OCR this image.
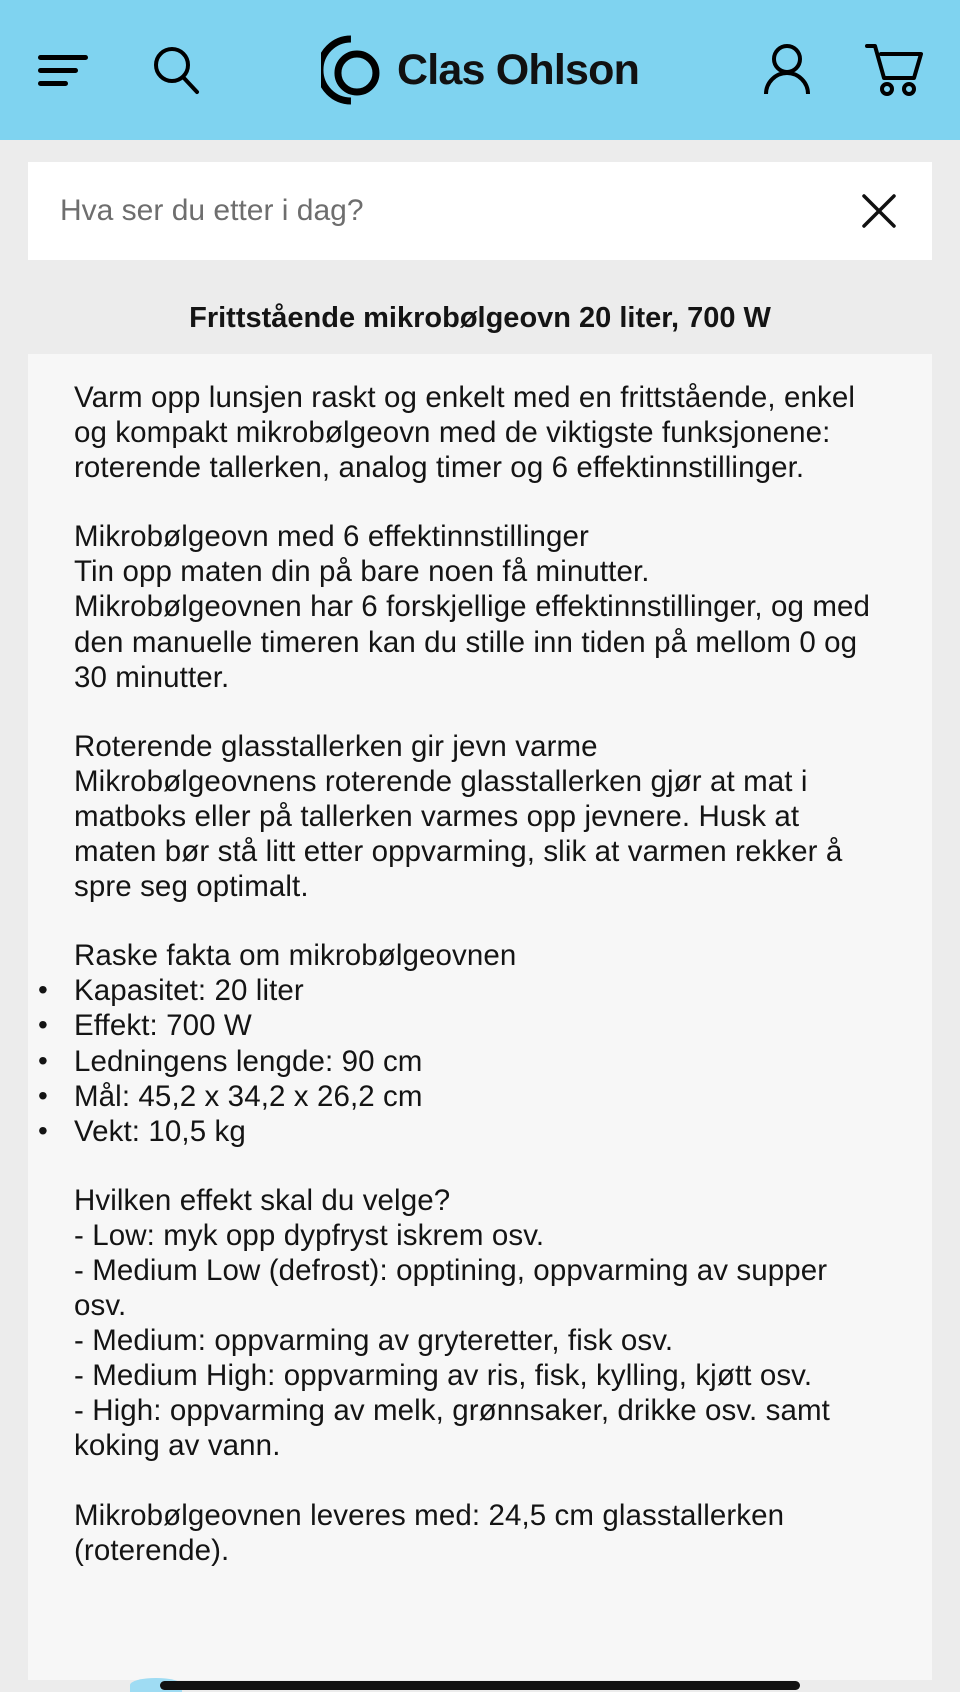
Clas Ohlson
Hva ser du etter i dag?
Frittstående mikrobølgeovn 20 liter, 700 W

Varm opp lunsjen raskt og enkelt med en frittstående, enkel og kompakt mikrobølgeovn med de viktigste funksjonene: roterende tallerken, analog timer og 6 effektinnstillinger.

Mikrobølgeovn med 6 effektinnstillinger

Tin opp maten din på bare noen få minutter.

Mikrobølgeovnen har 6 forskjellige effektinnstillinger, og med den manuelle timeren kan du stille inn tiden på mellom 0 og 30 minutter.

Roterende glasstallerken gir jevn varme

Mikrobølgeovnens roterende glasstallerken gjør at mat i matboks eller på tallerken varmes opp jevnere. Husk at maten bør stå litt etter oppvarming, slik at varmen rekker å spre seg optimalt.

Raske fakta om mikrobølgeovnen

• Kapasitet: 20 liter
• Effekt: 700 W
• Ledningens lengde: 90 cm
• Mål: 45,2 x 34,2 x 26,2 cm
• Vekt: 10,5 kg

Hvilken effekt skal du velge?

- Low: myk opp dypfryst iskrem osv.

- Medium Low (defrost): opptining, oppvarming av supper osv.

- Medium: oppvarming av gryteretter, fisk osv.

- Medium High: oppvarming av ris, fisk, kylling, kjøtt osv.

- High: oppvarming av melk, grønnsaker, drikke osv. samt koking av vann.

Mikrobølgeovnen leveres med: 24,5 cm glasstallerken (roterende).
